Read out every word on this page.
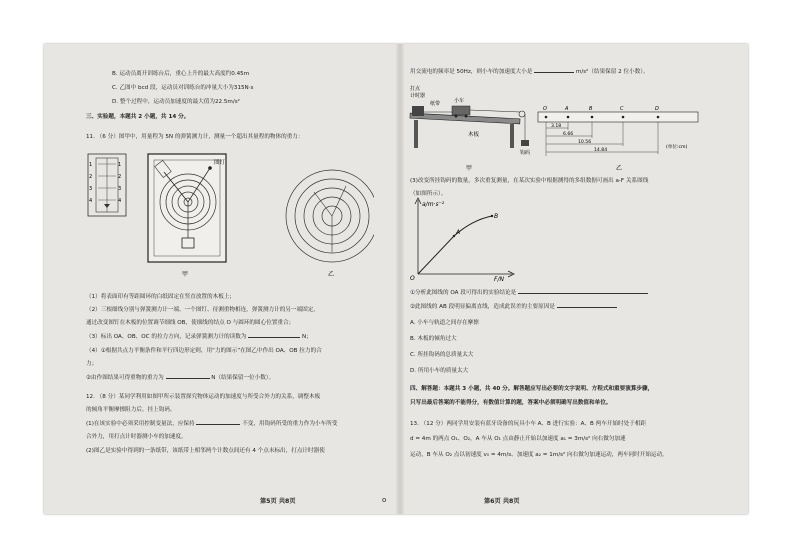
B. 运动员离开训练台后，重心上升的最大高度约0.45m
C. 乙图中 bcd 段，运动员对训练台的冲量大小为315N·s
D. 整个过程中，运动员加速度的最大值为22.5m/s²
三、实验题，本题共 2 小题，共 14 分。
11. （6 分）图甲中，用量程为 5N 的弹簧测力计，测量一个超出其量程的物体的重力：
1
2
3
4
1
2
3
4
图钉
甲	乙
（1）将表面印有等距圆环的白纸固定在竖直放置的木板上；
（2）三根细线分别与弹簧测力计一端、一个图钉、待测重物相连，弹簧测力计的另一端固定，
通过改变图钉在木板的位置调节细线 OB，使细线的结点 O 与圆环的圆心位置重合；
（3）标出 OA、OB、OC 的拉力方向，记录弹簧测力计的读数为	N；
（4）①根据共点力平衡条件和平行四边形定则，用“力的图示”在图乙中作出 OA、OB 拉力的合
力；
②由作图结果可得重物的重力为	N（结果保留一位小数）。
12. （8 分）某同学利用如图甲所示装置探究物体运动的加速度与所受合外力的关系，调整木板
的倾角平衡摩擦阻力后，挂上钩码。
(1)在该实验中必须采用控制变量法，应保持	不变，用钩码所受的重力作为小车所受
合外力，用打点计时器测小车的加速度。
(2)图乙是实验中得到的一条纸带，该纸带上相邻两个计数点间还有 4 个点未标出，打点计时器使
第5页 共8页	o
用交流电的频率是 50Hz，则小车的加速度大小是	m/s²（结果保留 2 位小数）。
打点
计时器
纸带	小车
木板
钩码
甲
O	A	B	C	D
3.18
6.66
10.56
14.84
(单位:cm)
乙
(3)改变所挂钩码的数量，多次重复测量，在某次实验中根据测得的多组数据可画出 a-F 关系图线
（如图所示）。
a/m·s⁻²
F/N
O
A
B
①分析此图线的 OA 段可得出的实验结论是
②此图线的 AB 段明显偏离直线，造成此误差的主要原因是
A. 小车与轨道之间存在摩擦
B. 木板的倾角过大
C. 所挂钩码的总质量太大
D. 所用小车的质量太大
四、解答题：本题共 3 小题，共 40 分。解答题应写出必要的文字说明、方程式和重要演算步骤，
只写出最后答案的不能得分，有数值计算的题，答案中必须明确写出数值和单位。
13. （12 分）两同学用安装有蓝牙设备的玩具小车 A、B 进行实验：A、B 两车开始时处于相距
d = 4m 的两点 O₁、O₂，A 车从 O₁ 点由静止开始以加速度 a₁ = 3m/s² 向右做匀加速
运动，B 车从 O₂ 点以初速度 v₀ = 4m/s、加速度 a₂ = 1m/s² 向右做匀加速运动，两车同时开始运动。
第6页 共8页
